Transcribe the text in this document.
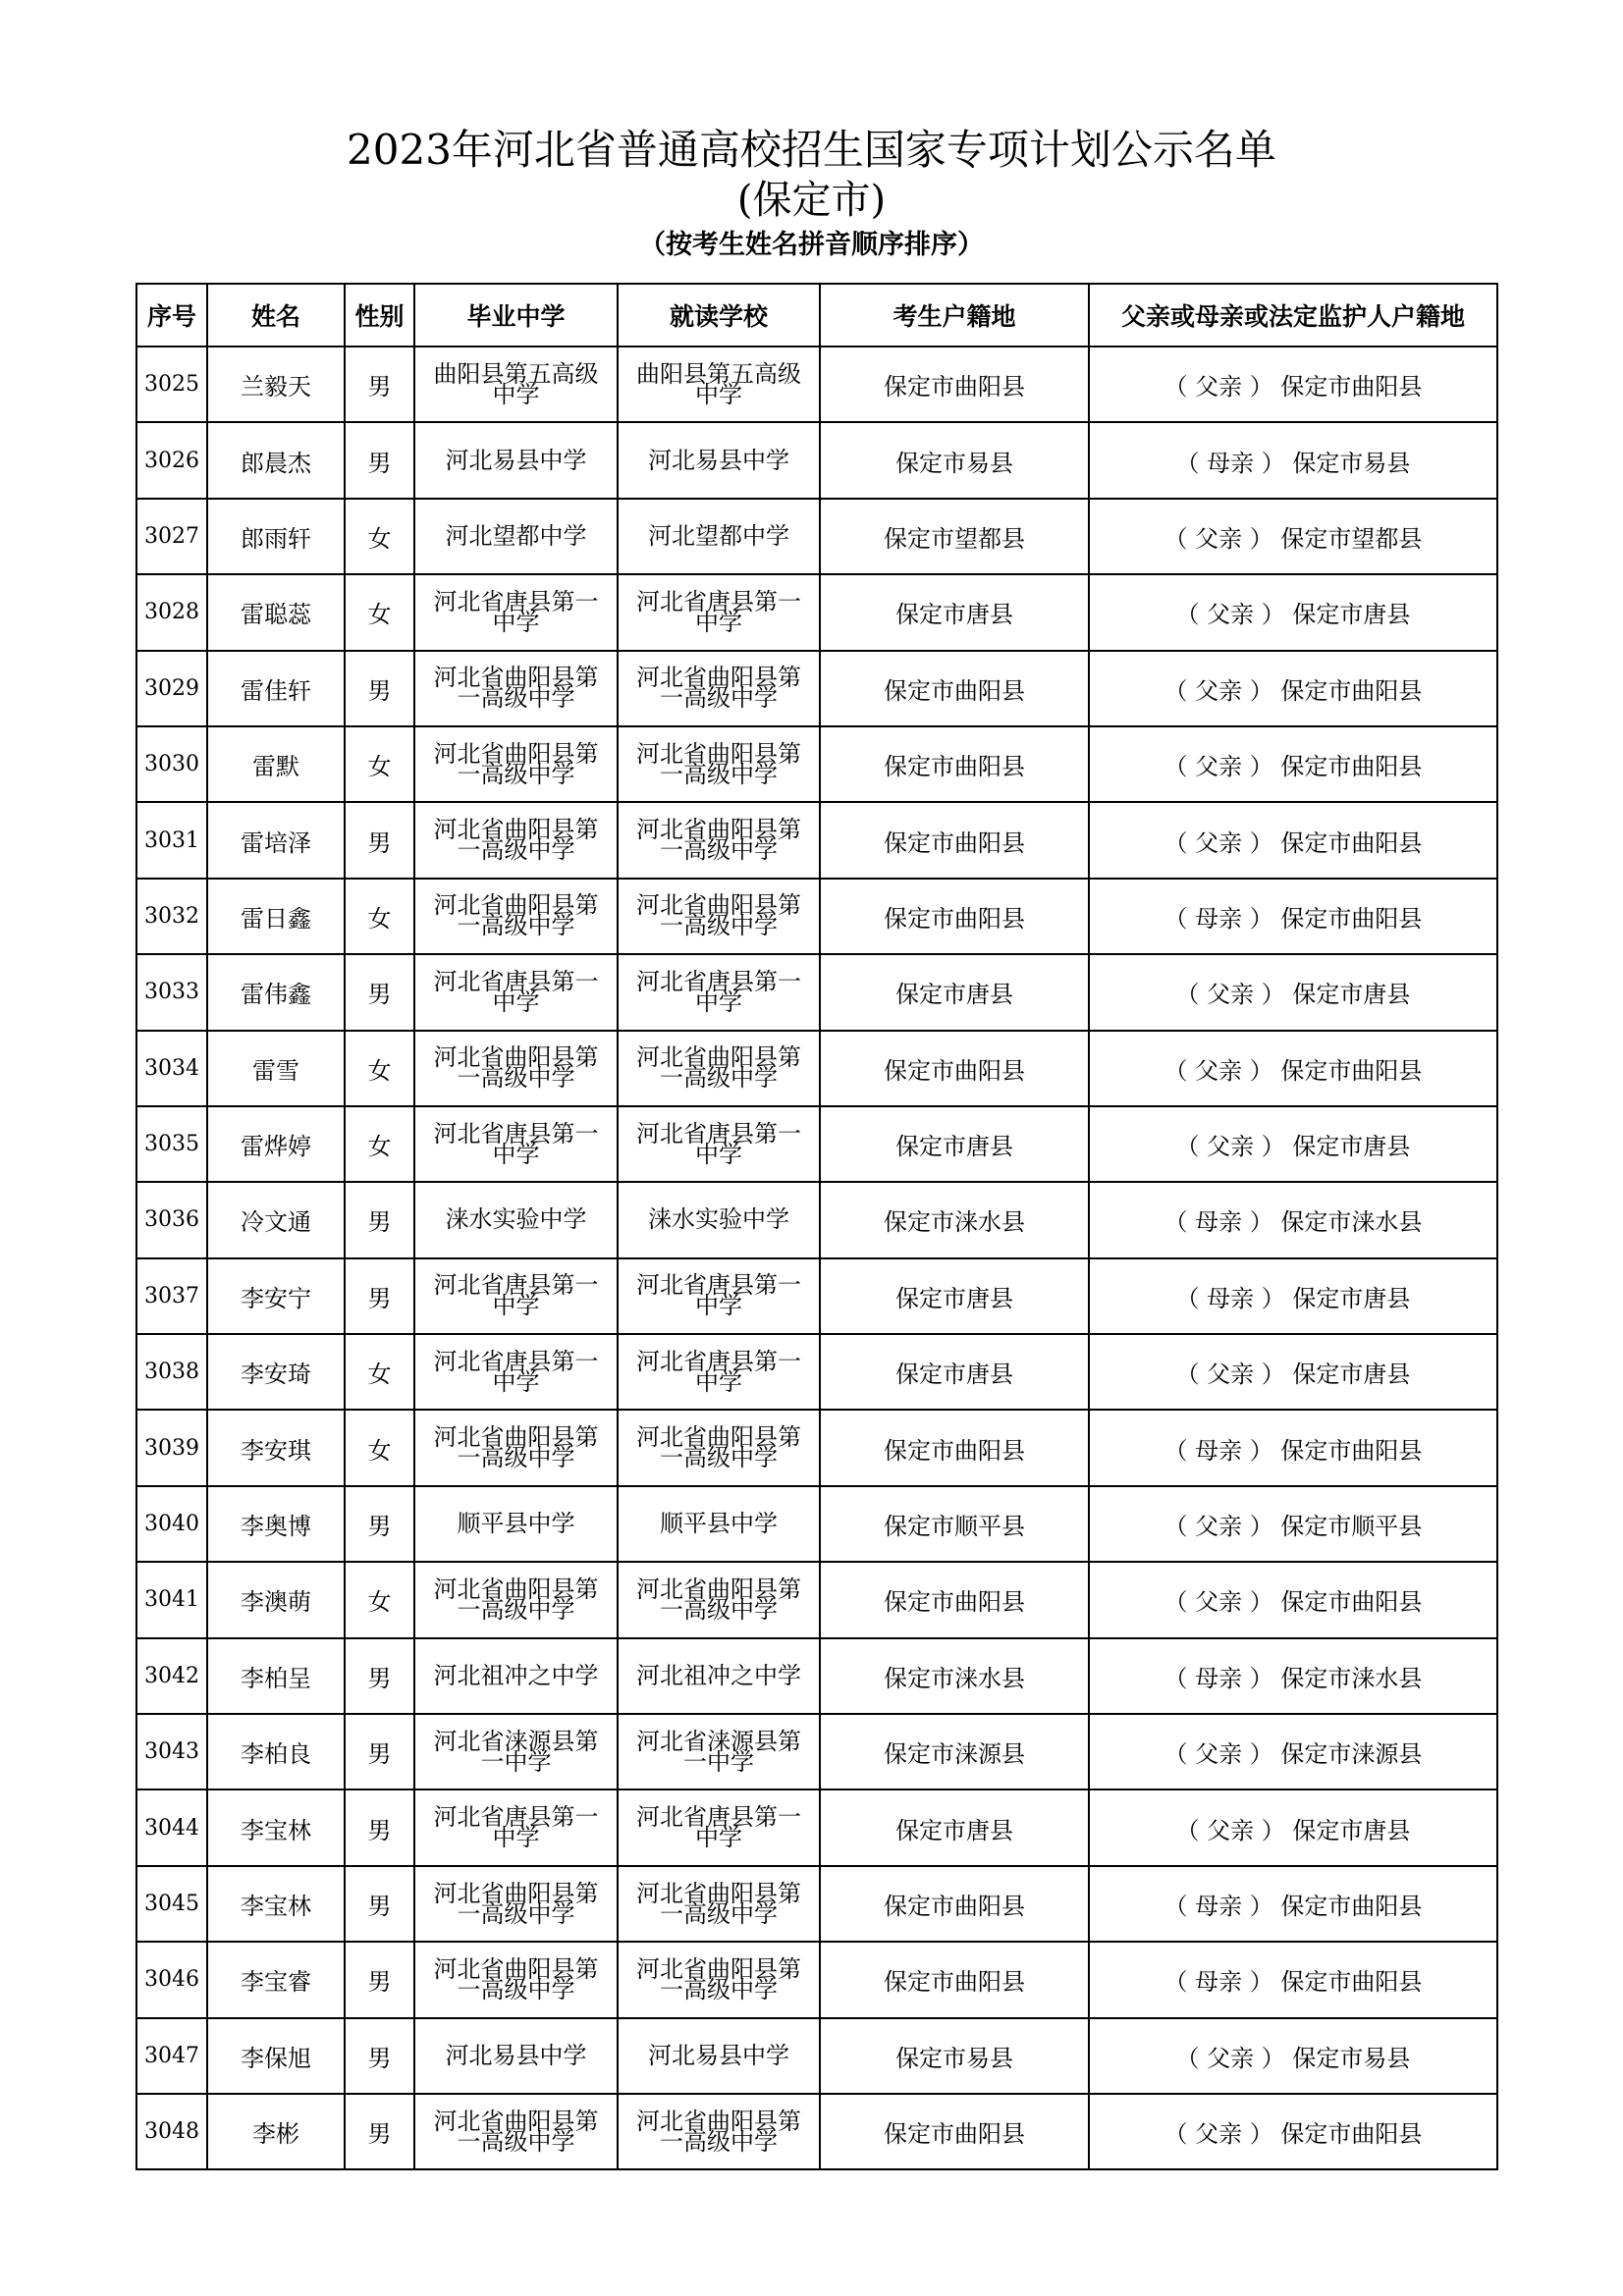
2023年河北省普通高校招生国家专项计划公示名单
(保定市)
（按考生姓名拼音顺序排序）
序号	姓名	性别	毕业中学	就读学校	考生户籍地	父亲或母亲或法定监护人户籍地
3025	兰毅天	男	曲阳县第五高级中学	曲阳县第五高级中学	保定市曲阳县	（ 父亲 ） 保定市曲阳县
3026	郎晨杰	男	河北易县中学	河北易县中学	保定市易县	（ 母亲 ） 保定市易县
3027	郎雨轩	女	河北望都中学	河北望都中学	保定市望都县	（ 父亲 ） 保定市望都县
3028	雷聪蕊	女	河北省唐县第一中学	河北省唐县第一中学	保定市唐县	（ 父亲 ） 保定市唐县
3029	雷佳轩	男	河北省曲阳县第一高级中学	河北省曲阳县第一高级中学	保定市曲阳县	（ 父亲 ） 保定市曲阳县
3030	雷默	女	河北省曲阳县第一高级中学	河北省曲阳县第一高级中学	保定市曲阳县	（ 父亲 ） 保定市曲阳县
3031	雷培泽	男	河北省曲阳县第一高级中学	河北省曲阳县第一高级中学	保定市曲阳县	（ 父亲 ） 保定市曲阳县
3032	雷日鑫	女	河北省曲阳县第一高级中学	河北省曲阳县第一高级中学	保定市曲阳县	（ 母亲 ） 保定市曲阳县
3033	雷伟鑫	男	河北省唐县第一中学	河北省唐县第一中学	保定市唐县	（ 父亲 ） 保定市唐县
3034	雷雪	女	河北省曲阳县第一高级中学	河北省曲阳县第一高级中学	保定市曲阳县	（ 父亲 ） 保定市曲阳县
3035	雷烨婷	女	河北省唐县第一中学	河北省唐县第一中学	保定市唐县	（ 父亲 ） 保定市唐县
3036	冷文通	男	涞水实验中学	涞水实验中学	保定市涞水县	（ 母亲 ） 保定市涞水县
3037	李安宁	男	河北省唐县第一中学	河北省唐县第一中学	保定市唐县	（ 母亲 ） 保定市唐县
3038	李安琦	女	河北省唐县第一中学	河北省唐县第一中学	保定市唐县	（ 父亲 ） 保定市唐县
3039	李安琪	女	河北省曲阳县第一高级中学	河北省曲阳县第一高级中学	保定市曲阳县	（ 母亲 ） 保定市曲阳县
3040	李奥博	男	顺平县中学	顺平县中学	保定市顺平县	（ 父亲 ） 保定市顺平县
3041	李澳萌	女	河北省曲阳县第一高级中学	河北省曲阳县第一高级中学	保定市曲阳县	（ 父亲 ） 保定市曲阳县
3042	李柏呈	男	河北祖冲之中学	河北祖冲之中学	保定市涞水县	（ 母亲 ） 保定市涞水县
3043	李柏良	男	河北省涞源县第一中学	河北省涞源县第一中学	保定市涞源县	（ 父亲 ） 保定市涞源县
3044	李宝林	男	河北省唐县第一中学	河北省唐县第一中学	保定市唐县	（ 父亲 ） 保定市唐县
3045	李宝林	男	河北省曲阳县第一高级中学	河北省曲阳县第一高级中学	保定市曲阳县	（ 母亲 ） 保定市曲阳县
3046	李宝睿	男	河北省曲阳县第一高级中学	河北省曲阳县第一高级中学	保定市曲阳县	（ 母亲 ） 保定市曲阳县
3047	李保旭	男	河北易县中学	河北易县中学	保定市易县	（ 父亲 ） 保定市易县
3048	李彬	男	河北省曲阳县第一高级中学	河北省曲阳县第一高级中学	保定市曲阳县	（ 父亲 ） 保定市曲阳县
